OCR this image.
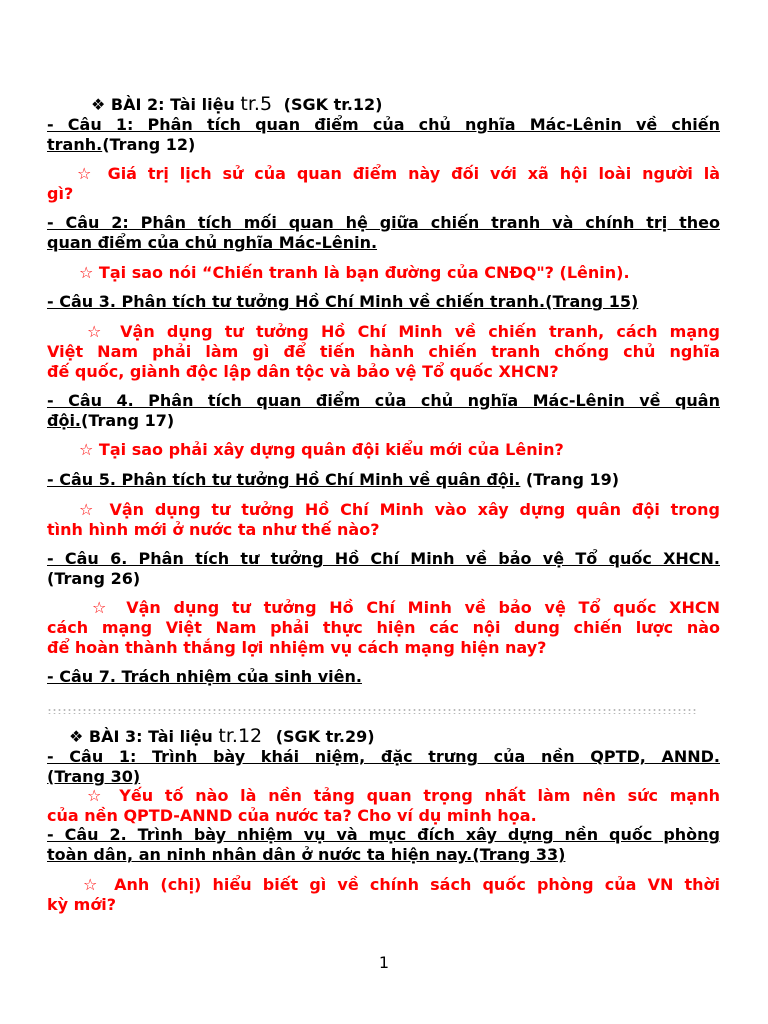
❖ BÀI 2: Tài liệu tr.5 (SGK tr.12)
- Câu 1: Phân tích quan điểm của chủ nghĩa Mác-Lênin về chiến
tranh.(Trang 12)
☆ Giá trị lịch sử của quan điểm này đối với xã hội loài người là
gì?
- Câu 2: Phân tích mối quan hệ giữa chiến tranh và chính trị theo
quan điểm của chủ nghĩa Mác-Lênin.
☆ Tại sao nói “Chiến tranh là bạn đường của CNĐQ"? (Lênin).
- Câu 3. Phân tích tư tưởng Hồ Chí Minh về chiến tranh.(Trang 15)
☆ Vận dụng tư tưởng Hồ Chí Minh về chiến tranh, cách mạng
Việt Nam phải làm gì để tiến hành chiến tranh chống chủ nghĩa
đế quốc, giành độc lập dân tộc và bảo vệ Tổ quốc XHCN?
- Câu 4. Phân tích quan điểm của chủ nghĩa Mác-Lênin về quân
đội.(Trang 17)
☆ Tại sao phải xây dựng quân đội kiểu mới của Lênin?
- Câu 5. Phân tích tư tưởng Hồ Chí Minh về quân đội. (Trang 19)
☆ Vận dụng tư tưởng Hồ Chí Minh vào xây dựng quân đội trong
tình hình mới ở nước ta như thế nào?
- Câu 6. Phân tích tư tưởng Hồ Chí Minh về bảo vệ Tổ quốc XHCN.
(Trang 26)
☆ Vận dụng tư tưởng Hồ Chí Minh về bảo vệ Tổ quốc XHCN
cách mạng Việt Nam phải thực hiện các nội dung chiến lược nào
để hoàn thành thắng lợi nhiệm vụ cách mạng hiện nay?
- Câu 7. Trách nhiệm của sinh viên.
❖ BÀI 3: Tài liệu tr.12 (SGK tr.29)
- Câu 1: Trình bày khái niệm, đặc trưng của nền QPTD, ANND.
(Trang 30)
☆ Yếu tố nào là nền tảng quan trọng nhất làm nên sức mạnh
của nền QPTD-ANND của nước ta? Cho ví dụ minh họa.
- Câu 2. Trình bày nhiệm vụ và mục đích xây dựng nền quốc phòng
toàn dân, an ninh nhân dân ở nước ta hiện nay.(Trang 33)
☆ Anh (chị) hiểu biết gì về chính sách quốc phòng của VN thời
kỳ mới?
1
